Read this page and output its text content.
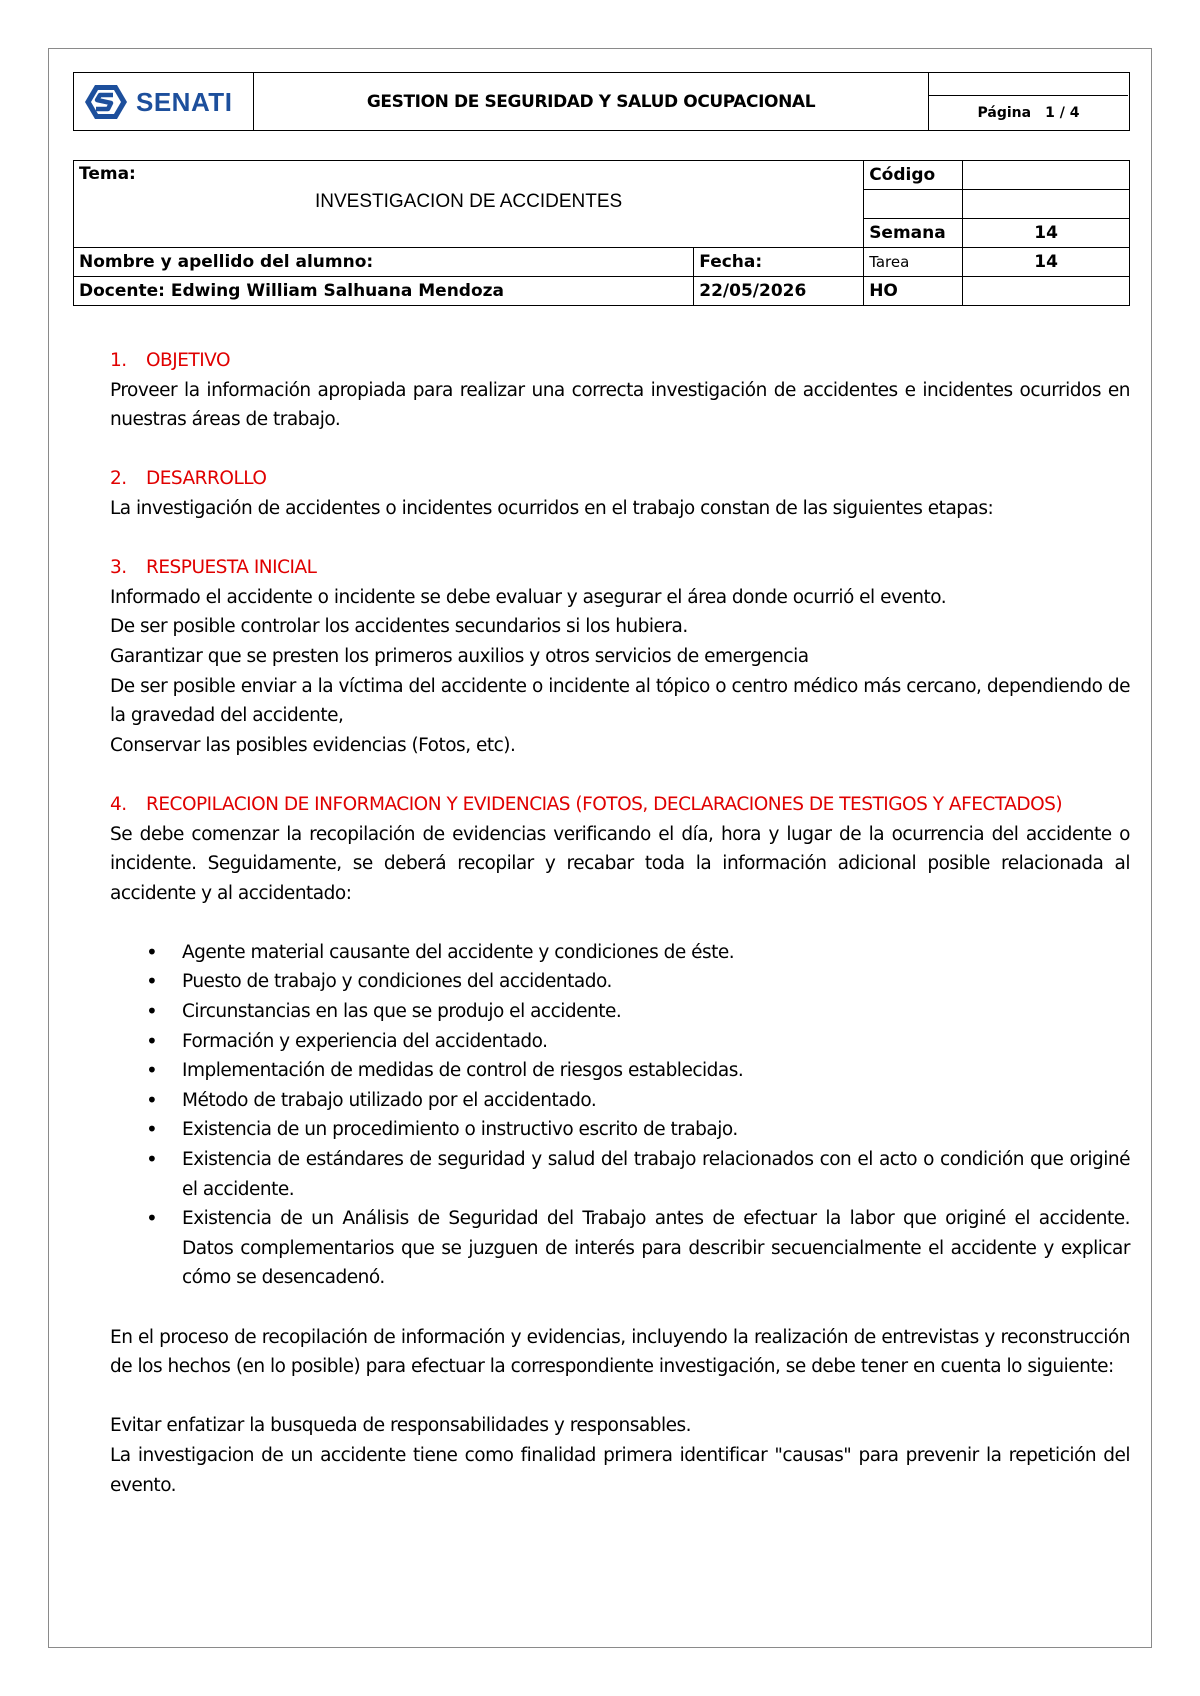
SENATI	GESTION DE SEGURIDAD Y SALUD OCUPACIONAL
Página 1 / 4
Tema:
INVESTIGACION DE ACCIDENTES		Código	

		Semana	14
Nombre y apellido del alumno:	Fecha:	Tarea	14
Docente: Edwing William Salhuana Mendoza	22/05/2026	HO	
1.	OBJETIVO

Proveer la información apropiada para realizar una correcta investigación de accidentes e incidentes ocurridos en nuestras áreas de trabajo.

2.	DESARROLLO

La investigación de accidentes o incidentes ocurridos en el trabajo constan de las siguientes etapas:

3.	RESPUESTA INICIAL

Informado el accidente o incidente se debe evaluar y asegurar el área donde ocurrió el evento.

De ser posible controlar los accidentes secundarios si los hubiera.

Garantizar que se presten los primeros auxilios y otros servicios de emergencia

De ser posible enviar a la víctima del accidente o incidente al tópico o centro médico más cercano, dependiendo de la gravedad del accidente,

Conservar las posibles evidencias (Fotos, etc).

4.	RECOPILACION DE INFORMACION Y EVIDENCIAS (FOTOS, DECLARACIONES DE TESTIGOS Y AFECTADOS)

Se debe comenzar la recopilación de evidencias verificando el día, hora y lugar de la ocurrencia del accidente o incidente. Seguidamente, se deberá recopilar y recabar toda la información adicional posible relacionada al accidente y al accidentado:

• Agente material causante del accidente y condiciones de éste.
• Puesto de trabajo y condiciones del accidentado.
• Circunstancias en las que se produjo el accidente.
• Formación y experiencia del accidentado.
• Implementación de medidas de control de riesgos establecidas.
• Método de trabajo utilizado por el accidentado.
• Existencia de un procedimiento o instructivo escrito de trabajo.
• Existencia de estándares de seguridad y salud del trabajo relacionados con el acto o condición que originé el accidente.
• Existencia de un Análisis de Seguridad del Trabajo antes de efectuar la labor que originé el accidente. Datos complementarios que se juzguen de interés para describir secuencialmente el accidente y explicar cómo se desencadenó.

En el proceso de recopilación de información y evidencias, incluyendo la realización de entrevistas y reconstrucción de los hechos (en lo posible) para efectuar la correspondiente investigación, se debe tener en cuenta lo siguiente:

Evitar enfatizar la busqueda de responsabilidades y responsables.

La investigacion de un accidente tiene como finalidad primera identificar "causas" para prevenir la repetición del evento.
